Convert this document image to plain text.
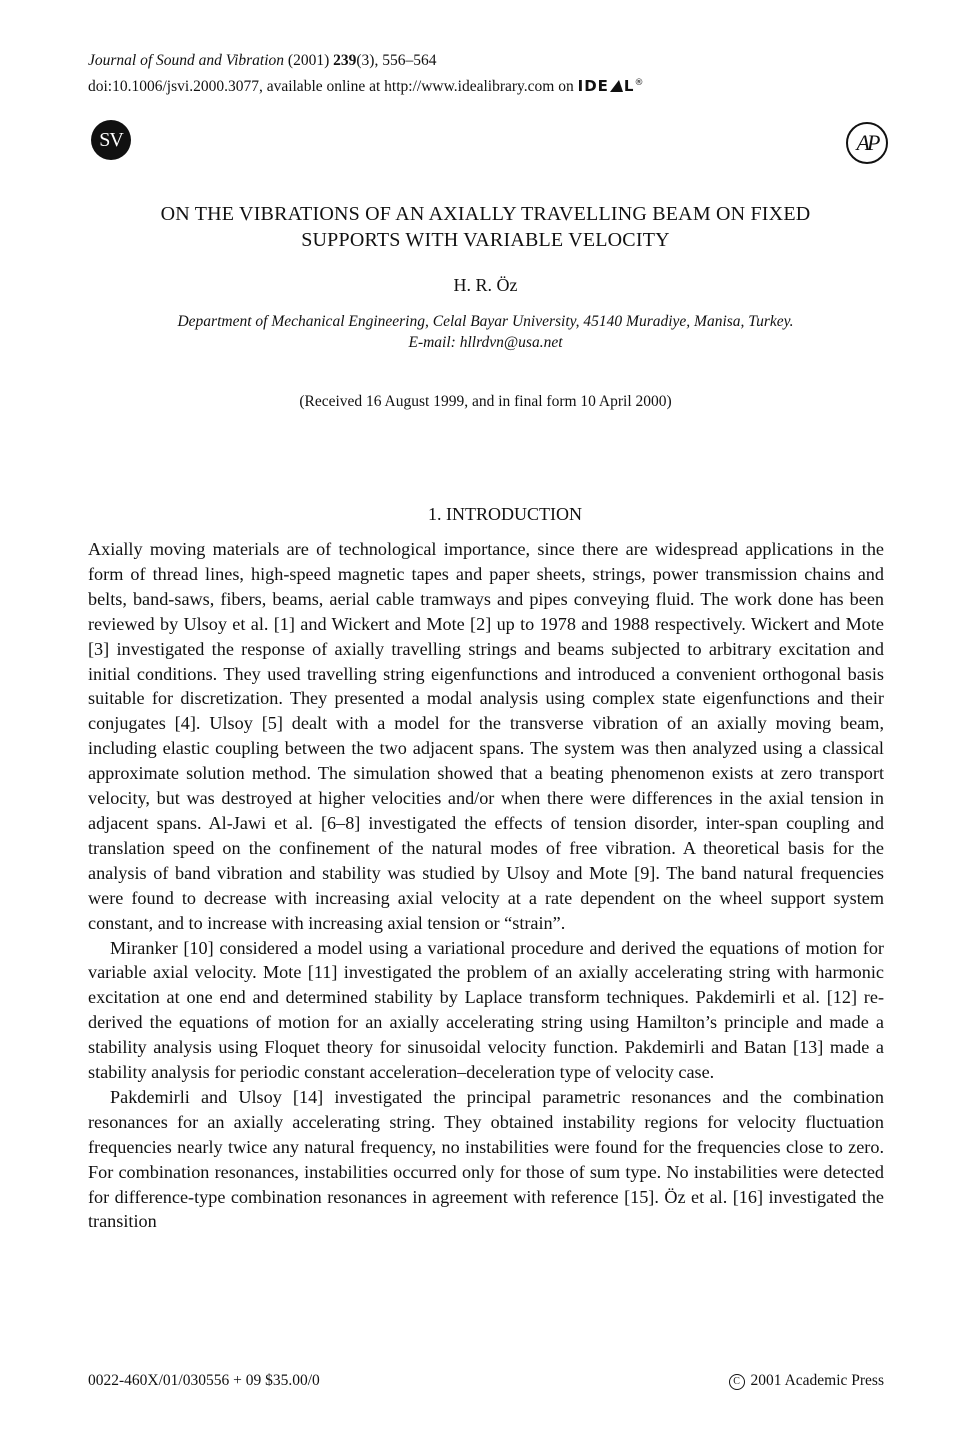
Journal of Sound and Vibration (2001) 239(3), 556–564
doi:10.1006/jsvi.2000.3077, available online at http://www.idealibrary.com on IDE L®
SV	AP
ON THE VIBRATIONS OF AN AXIALLY TRAVELLING BEAM ON FIXED
SUPPORTS WITH VARIABLE VELOCITY
H. R. Öz
Department of Mechanical Engineering, Celal Bayar University, 45140 Muradiye, Manisa, Turkey.
E-mail: hllrdvn@usa.net
(Received 16 August 1999, and in final form 10 April 2000)
1. INTRODUCTION

Axially moving materials are of technological importance, since there are widespread applications in the form of thread lines, high-speed magnetic tapes and paper sheets, strings, power transmission chains and belts, band-saws, fibers, beams, aerial cable tramways and pipes conveying fluid. The work done has been reviewed by Ulsoy et al. [1] and Wickert and Mote [2] up to 1978 and 1988 respectively. Wickert and Mote [3] investigated the response of axially travelling strings and beams subjected to arbitrary excitation and initial conditions. They used travelling string eigenfunctions and introduced a convenient orthogonal basis suitable for discretization. They presented a modal analysis using complex state eigenfunctions and their conjugates [4]. Ulsoy [5] dealt with a model for the transverse vibration of an axially moving beam, including elastic coupling between the two adjacent spans. The system was then analyzed using a classical approximate solution method. The simulation showed that a beating phenomenon exists at zero transport velocity, but was destroyed at higher velocities and/or when there were differences in the axial tension in adjacent spans. Al-Jawi et al. [6–8] investigated the effects of tension disorder, inter-span coupling and translation speed on the confinement of the natural modes of free vibration. A theoretical basis for the analysis of band vibration and stability was studied by Ulsoy and Mote [9]. The band natural frequencies were found to decrease with increasing axial velocity at a rate dependent on the wheel support system constant, and to increase with increasing axial tension or “strain”.

Miranker [10] considered a model using a variational procedure and derived the equations of motion for variable axial velocity. Mote [11] investigated the problem of an axially accelerating string with harmonic excitation at one end and determined stability by Laplace transform techniques. Pakdemirli et al. [12] re-derived the equations of motion for an axially accelerating string using Hamilton’s principle and made a stability analysis using Floquet theory for sinusoidal velocity function. Pakdemirli and Batan [13] made a stability analysis for periodic constant acceleration–deceleration type of velocity case.

Pakdemirli and Ulsoy [14] investigated the principal parametric resonances and the combination resonances for an axially accelerating string. They obtained instability regions for velocity fluctuation frequencies nearly twice any natural frequency, no instabilities were found for the frequencies close to zero. For combination resonances, instabilities occurred only for those of sum type. No instabilities were detected for difference-type combination resonances in agreement with reference [15]. Öz et al. [16] investigated the transition

0022-460X/01/030556 + 09 $35.00/0	C 2001 Academic Press
